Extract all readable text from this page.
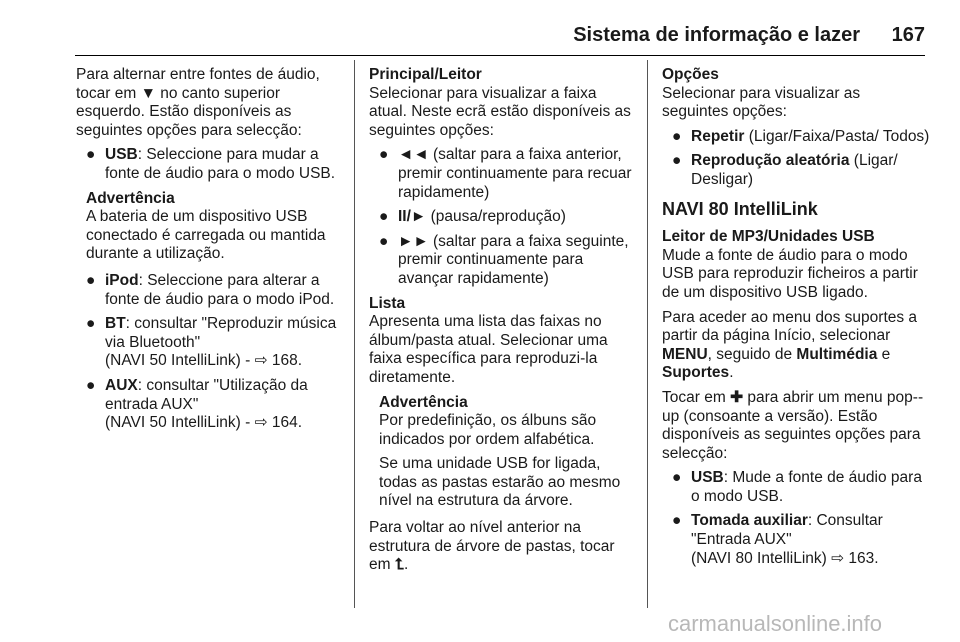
Sistema de informação e lazer	167

Para alternar entre fontes de áudio, tocar em ▼ no canto superior esquerdo. Estão disponíveis as seguintes opções para selecção:

● USB: Seleccione para mudar a fonte de áudio para o modo USB.
Advertência
A bateria de um dispositivo USB conectado é carregada ou mantida durante a utilização.
● iPod: Seleccione para alterar a fonte de áudio para o modo iPod.
● BT: consultar "Reproduzir música via Bluetooth"
(NAVI 50 IntelliLink) - ⇨ 168.
● AUX: consultar "Utilização da entrada AUX"
(NAVI 50 IntelliLink) - ⇨ 164.
Principal/Leitor

Selecionar para visualizar a faixa atual. Neste ecrã estão disponíveis as seguintes opções:

● ◄◄ (saltar para a faixa anterior, premir continuamente para recuar rapidamente)
● II/► (pausa/reprodução)
● ►► (saltar para a faixa seguinte, premir continuamente para avançar rapidamente)
Lista

Apresenta uma lista das faixas no álbum/pasta atual. Selecionar uma faixa específica para reproduzi-la diretamente.

Advertência

Por predefinição, os álbuns são indicados por ordem alfabética.

Se uma unidade USB for ligada, todas as pastas estarão ao mesmo nível na estrutura da árvore.

Para voltar ao nível anterior na estrutura de árvore de pastas, tocar em ⮤.

Opções

Selecionar para visualizar as seguintes opções:

● Repetir (Ligar/Faixa/Pasta/ Todos)
● Reprodução aleatória (Ligar/ Desligar)
NAVI 80 IntelliLink
Leitor de MP3/Unidades USB

Mude a fonte de áudio para o modo USB para reproduzir ficheiros a partir de um dispositivo USB ligado.

Para aceder ao menu dos suportes a partir da página Início, selecionar MENU, seguido de Multimédia e Suportes.

Tocar em ✚ para abrir um menu pop--up (consoante a versão). Estão disponíveis as seguintes opções para selecção:

● USB: Mude a fonte de áudio para o modo USB.
● Tomada auxiliar: Consultar "Entrada AUX"
(NAVI 80 IntelliLink) ⇨ 163.
carmanualsonline.info
